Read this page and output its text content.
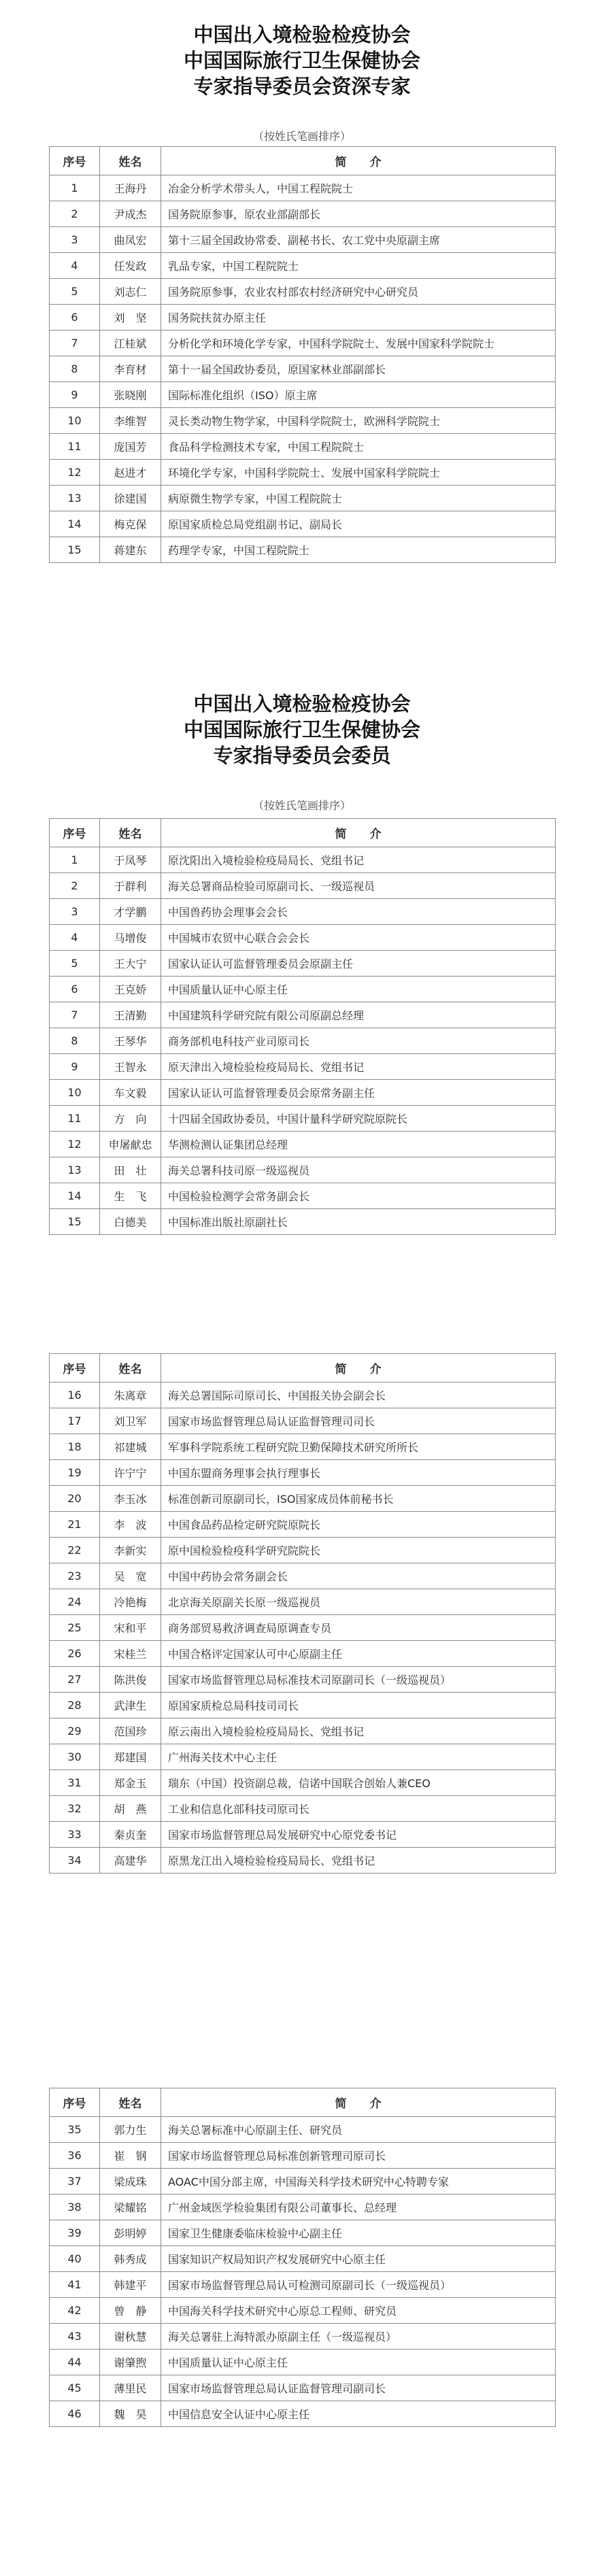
中国出入境检验检疫协会
中国国际旅行卫生保健协会
专家指导委员会资深专家
（按姓氏笔画排序）
序号	姓名	简　　介
1	王海丹	冶金分析学术带头人，中国工程院院士
2	尹成杰	国务院原参事，原农业部副部长
3	曲凤宏	第十三届全国政协常委、副秘书长、农工党中央原副主席
4	任发政	乳品专家，中国工程院院士
5	刘志仁	国务院原参事，农业农村部农村经济研究中心研究员
6	刘　坚	国务院扶贫办原主任
7	江桂斌	分析化学和环境化学专家，中国科学院院士、发展中国家科学院院士
8	李育材	第十一届全国政协委员，原国家林业部副部长
9	张晓刚	国际标准化组织（ISO）原主席
10	李维智	灵长类动物生物学家，中国科学院院士，欧洲科学院院士
11	庞国芳	食品科学检测技术专家，中国工程院院士
12	赵进才	环境化学专家，中国科学院院士、发展中国家科学院院士
13	徐建国	病原微生物学专家，中国工程院院士
14	梅克保	原国家质检总局党组副书记、副局长
15	蒋建东	药理学专家，中国工程院院士
中国出入境检验检疫协会
中国国际旅行卫生保健协会
专家指导委员会委员
（按姓氏笔画排序）
序号	姓名	简　　介
1	于凤琴	原沈阳出入境检验检疫局局长、党组书记
2	于群利	海关总署商品检验司原副司长、一级巡视员
3	才学鹏	中国兽药协会理事会会长
4	马增俊	中国城市农贸中心联合会会长
5	王大宁	国家认证认可监督管理委员会原副主任
6	王克娇	中国质量认证中心原主任
7	王清勤	中国建筑科学研究院有限公司原副总经理
8	王琴华	商务部机电科技产业司原司长
9	王智永	原天津出入境检验检疫局局长、党组书记
10	车文毅	国家认证认可监督管理委员会原常务副主任
11	方　向	十四届全国政协委员，中国计量科学研究院原院长
12	申屠献忠	华测检测认证集团总经理
13	田　壮	海关总署科技司原一级巡视员
14	生　飞	中国检验检测学会常务副会长
15	白德美	中国标准出版社原副社长
序号	姓名	简　　介
16	朱离章	海关总署国际司原司长、中国报关协会副会长
17	刘卫军	国家市场监督管理总局认证监督管理司司长
18	祁建城	军事科学院系统工程研究院卫勤保障技术研究所所长
19	许宁宁	中国东盟商务理事会执行理事长
20	李玉冰	标准创新司原副司长，ISO国家成员体前秘书长
21	李　波	中国食品药品检定研究院原院长
22	李新实	原中国检验检疫科学研究院院长
23	吴　宽	中国中药协会常务副会长
24	冷艳梅	北京海关原副关长原一级巡视员
25	宋和平	商务部贸易救济调查局原调查专员
26	宋桂兰	中国合格评定国家认可中心原副主任
27	陈洪俊	国家市场监督管理总局标准技术司原副司长（一级巡视员）
28	武津生	原国家质检总局科技司司长
29	范国珍	原云南出入境检验检疫局局长、党组书记
30	郑建国	广州海关技术中心主任
31	郑金玉	瑞东（中国）投资副总裁，信诺中国联合创始人兼CEO
32	胡　燕	工业和信息化部科技司原司长
33	秦贞奎	国家市场监督管理总局发展研究中心原党委书记
34	高建华	原黑龙江出入境检验检疫局局长、党组书记
序号	姓名	简　　介
35	郭力生	海关总署标准中心原副主任、研究员
36	崔　钢	国家市场监督管理总局标准创新管理司原司长
37	梁成珠	AOAC中国分部主席，中国海关科学技术研究中心特聘专家
38	梁耀铭	广州金域医学检验集团有限公司董事长、总经理
39	彭明婷	国家卫生健康委临床检验中心副主任
40	韩秀成	国家知识产权局知识产权发展研究中心原主任
41	韩建平	国家市场监督管理总局认可检测司原副司长（一级巡视员）
42	曾　静	中国海关科学技术研究中心原总工程师、研究员
43	谢秋慧	海关总署驻上海特派办原副主任（一级巡视员）
44	谢肇煦	中国质量认证中心原主任
45	薄里民	国家市场监督管理总局认证监督管理司副司长
46	魏　昊	中国信息安全认证中心原主任
